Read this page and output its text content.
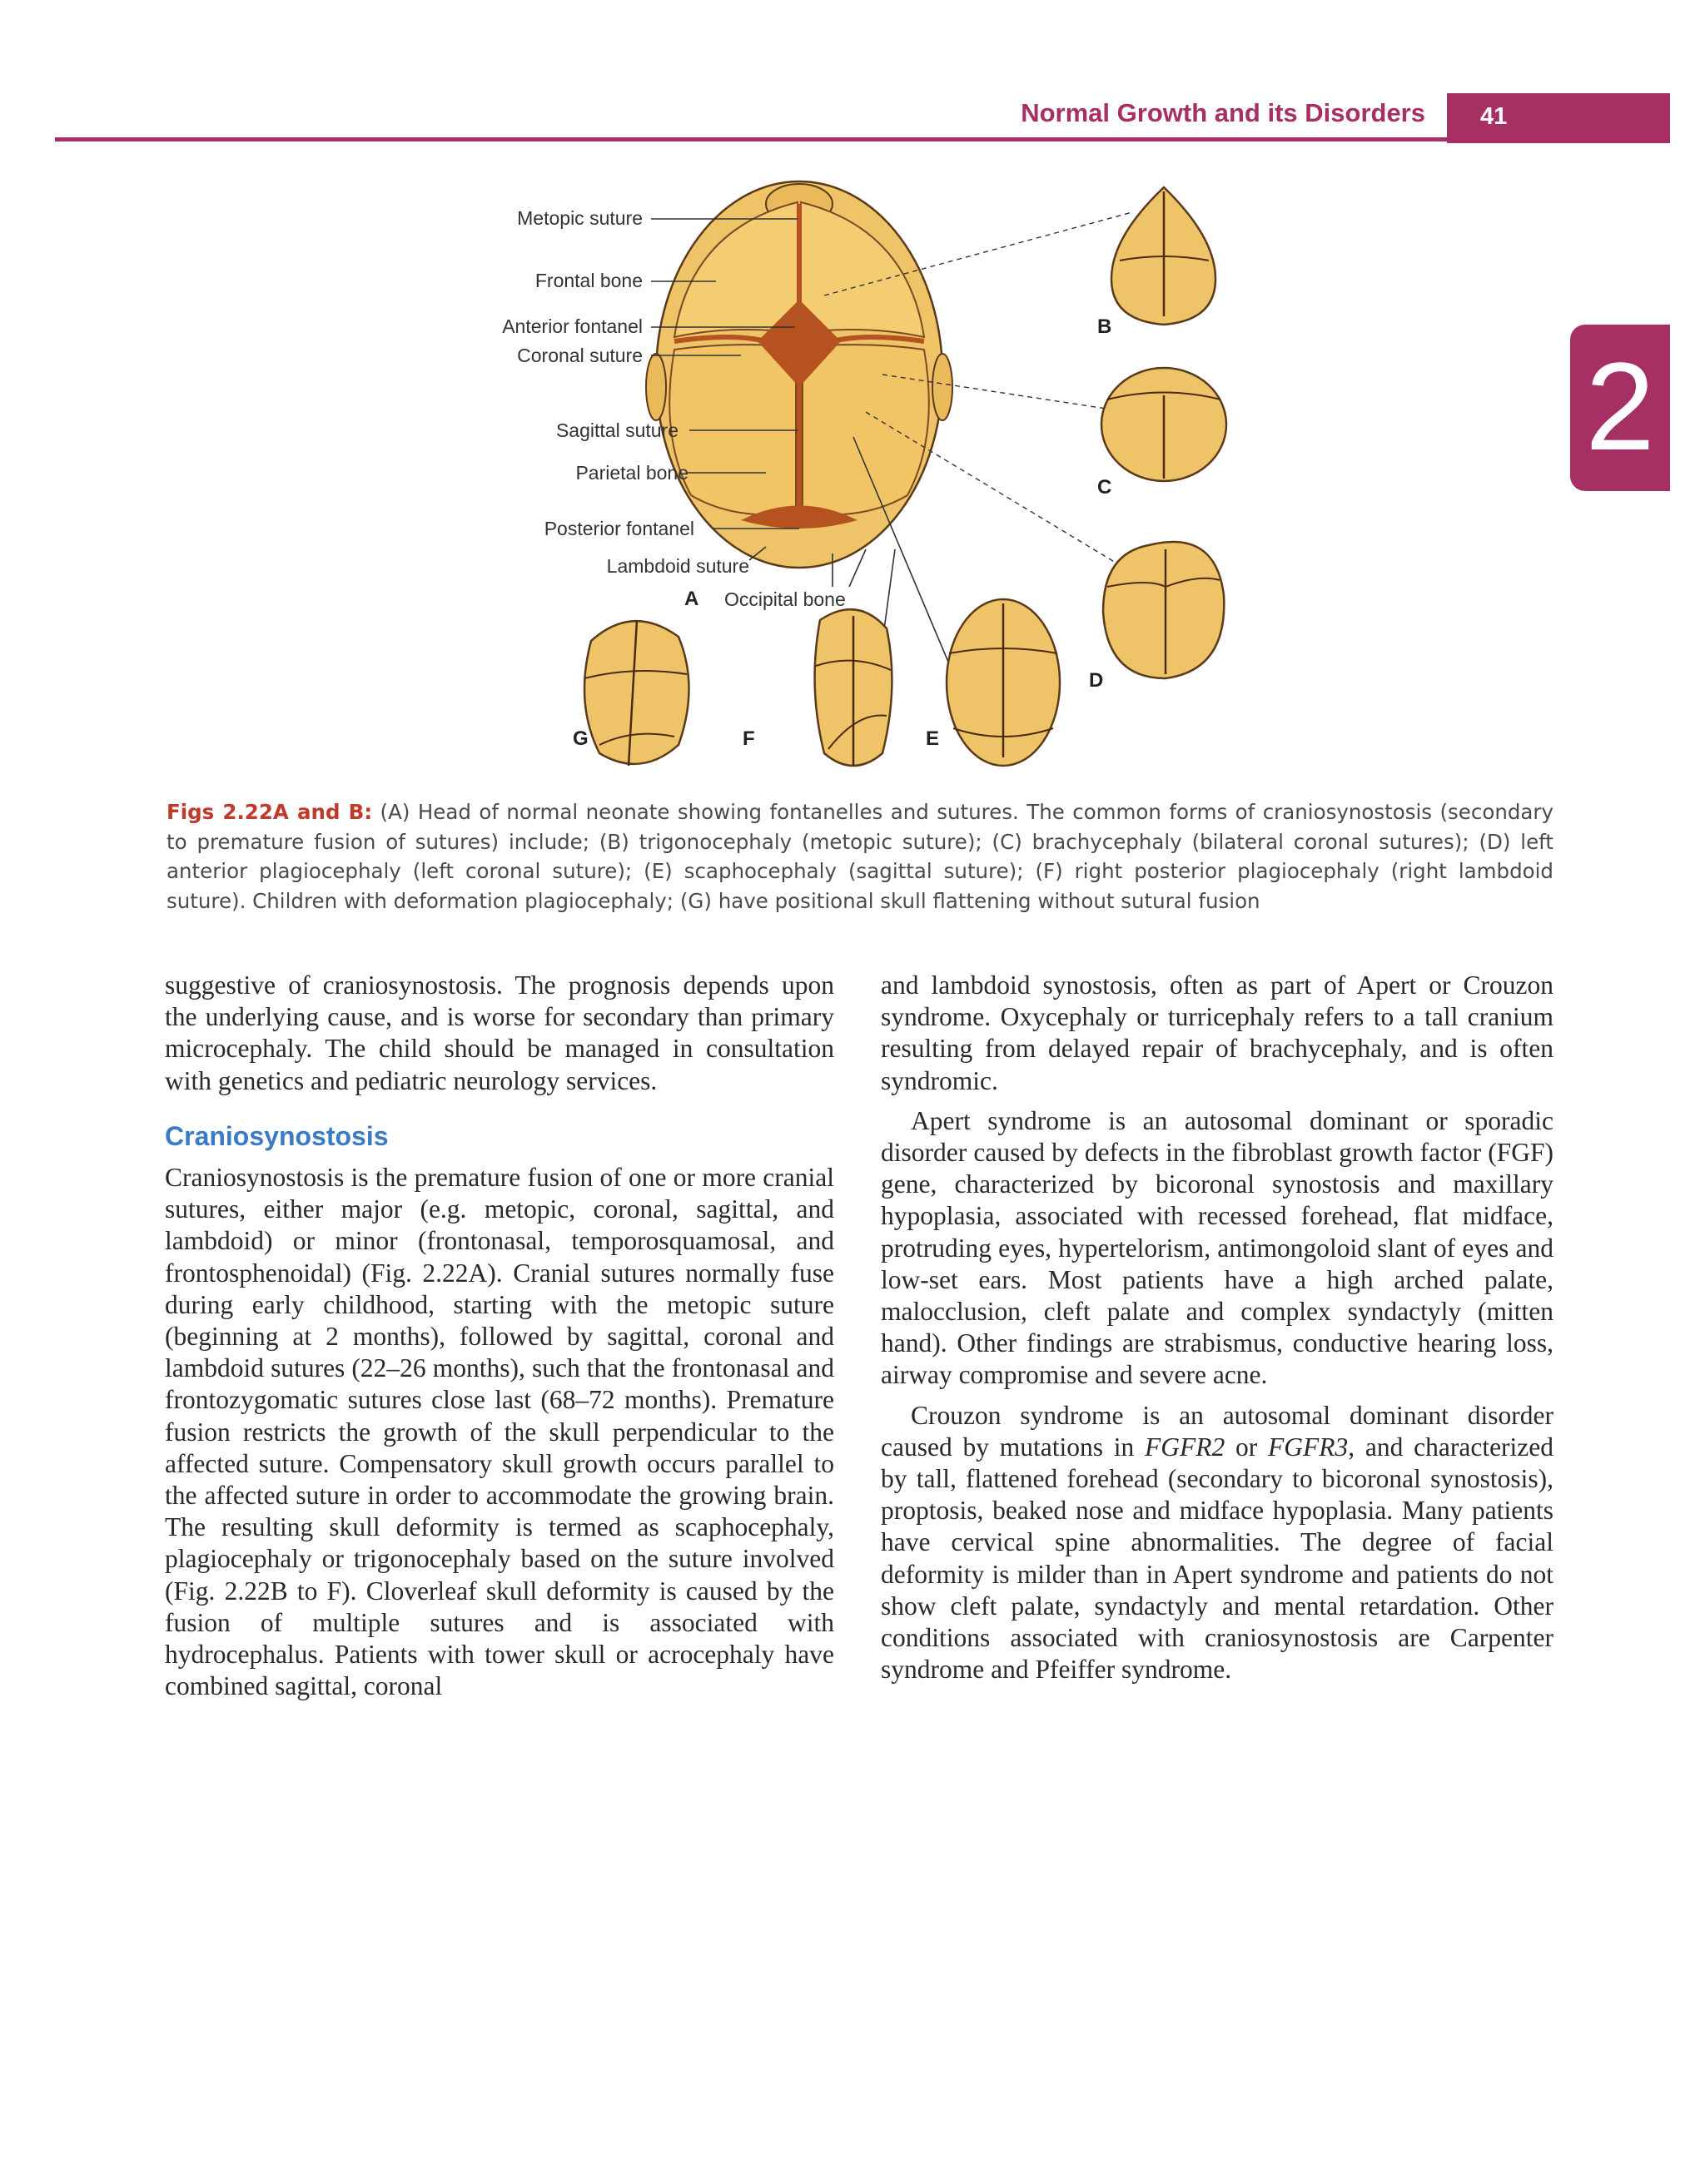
Normal Growth and its Disorders 41
2
Metopic suture
Frontal bone
Anterior fontanel
Coronal suture
Sagittal suture
Parietal bone
Posterior fontanel
Lambdoid suture
Occipital bone
A
B
C
D
E
F
G
Figs 2.22A and B: (A) Head of normal neonate showing fontanelles and sutures. The common forms of craniosynostosis (secondary to premature fusion of sutures) include; (B) trigonocephaly (metopic suture); (C) brachycephaly (bilateral coronal sutures); (D) left anterior plagiocephaly (left coronal suture); (E) scaphocephaly (sagittal suture); (F) right posterior plagiocephaly (right lambdoid suture). Children with deformation plagiocephaly; (G) have positional skull flattening without sutural fusion

suggestive of craniosynostosis. The prognosis depends upon the underlying cause, and is worse for secondary than primary microcephaly. The child should be managed in consultation with genetics and pediatric neurology services.

Craniosynostosis

Craniosynostosis is the premature fusion of one or more cranial sutures, either major (e.g. metopic, coronal, sagittal, and lambdoid) or minor (frontonasal, temporosquamosal, and frontosphenoidal) (Fig. 2.22A). Cranial sutures normally fuse during early childhood, starting with the metopic suture (beginning at 2 months), followed by sagittal, coronal and lambdoid sutures (22–26 months), such that the frontonasal and frontozygomatic sutures close last (68–72 months). Premature fusion restricts the growth of the skull perpendicular to the affected suture. Compensatory skull growth occurs parallel to the affected suture in order to accommodate the growing brain. The resulting skull deformity is termed as scaphocephaly, plagiocephaly or trigonocephaly based on the suture involved (Fig. 2.22B to F). Cloverleaf skull deformity is caused by the fusion of multiple sutures and is associated with hydrocephalus. Patients with tower skull or acrocephaly have combined sagittal, coronal

and lambdoid synostosis, often as part of Apert or Crouzon syndrome. Oxycephaly or turricephaly refers to a tall cranium resulting from delayed repair of brachycephaly, and is often syndromic.

Apert syndrome is an autosomal dominant or sporadic disorder caused by defects in the fibroblast growth factor (FGF) gene, characterized by bicoronal synostosis and maxillary hypoplasia, associated with recessed forehead, flat midface, protruding eyes, hypertelorism, antimongoloid slant of eyes and low-set ears. Most patients have a high arched palate, malocclusion, cleft palate and complex syndactyly (mitten hand). Other findings are strabismus, conductive hearing loss, airway compromise and severe acne.

Crouzon syndrome is an autosomal dominant disorder caused by mutations in FGFR2 or FGFR3, and characterized by tall, flattened forehead (secondary to bicoronal synostosis), proptosis, beaked nose and midface hypoplasia. Many patients have cervical spine abnormalities. The degree of facial deformity is milder than in Apert syndrome and patients do not show cleft palate, syndactyly and mental retardation. Other conditions associated with craniosynostosis are Carpenter syndrome and Pfeiffer syndrome.
